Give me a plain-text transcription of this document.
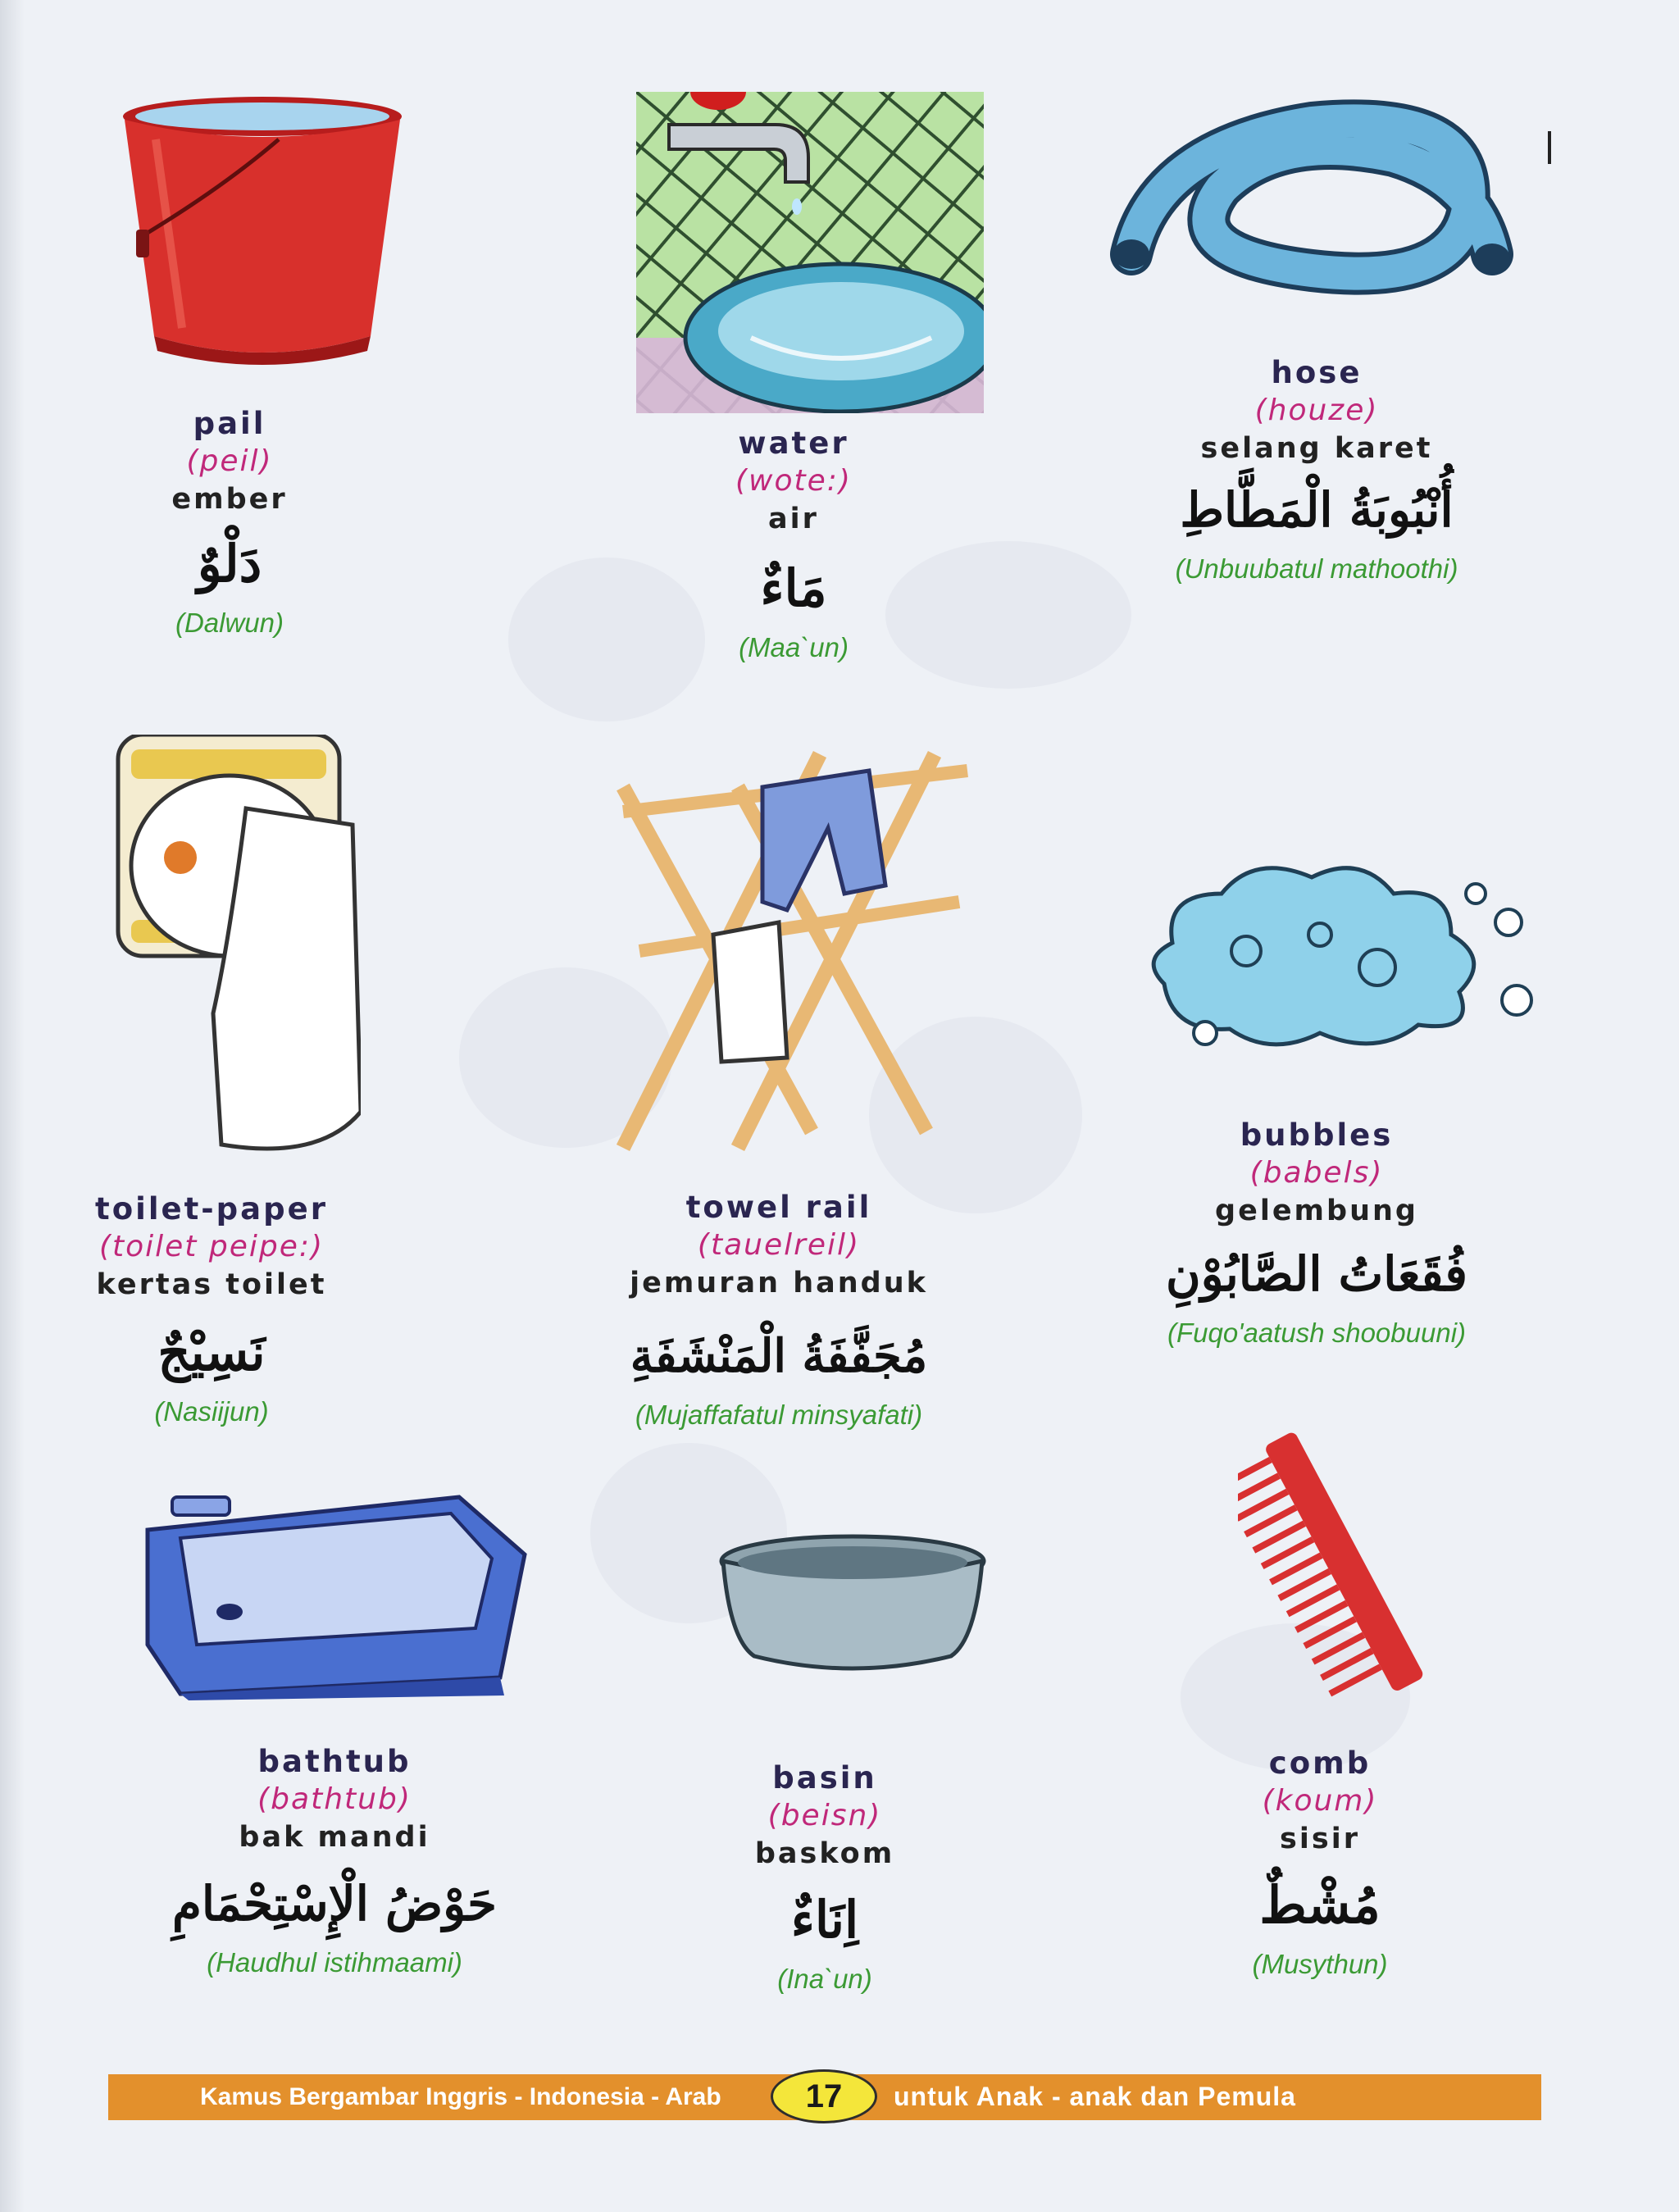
pail
(peil)
ember
دَلْوٌ
(Dalwun)
water
(wote:)
air
مَاءٌ
(Maa`un)
hose
(houze)
selang karet
أُنْبُوبَةُ الْمَطَّاطِ
(Unbuubatul mathoothi)
toilet-paper
(toilet peipe:)
kertas toilet
نَسِيْجٌ
(Nasiijun)
towel rail
(tauelreil)
jemuran handuk
مُجَفَّفَةُ الْمَنْشَفَةِ
(Mujaffafatul minsyafati)
bubbles
(babels)
gelembung
فُقَعَاتُ الصَّابُوْنِ
(Fuqo'aatush shoobuuni)
bathtub
(bathtub)
bak mandi
حَوْضُ الْإِسْتِحْمَامِ
(Haudhul istihmaami)
basin
(beisn)
baskom
اِنَاءٌ
(Ina`un)
comb
(koum)
sisir
مُشْطٌ
(Musythun)
Kamus Bergambar Inggris - Indonesia - Arab	17	untuk Anak - anak dan Pemula
